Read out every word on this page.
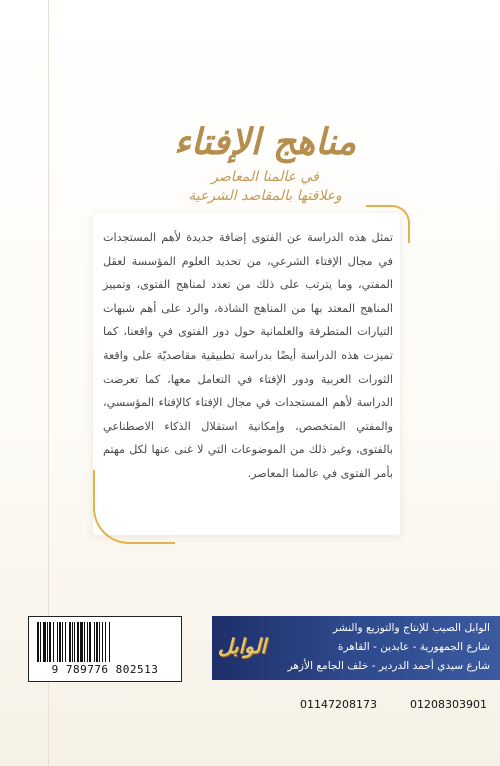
مناهج الإفتاء
في عالمنا المعاصر
وعلاقتها بالمقاصد الشرعية
تمثل هذه الدراسة عن الفتوى إضافة جديدة لأهم المستجدات في مجال الإفتاء الشرعي، من تحديد العلوم المؤسسة لعقل المفتي، وما يترتب على ذلك من تعدد لمناهج الفتوى، وتمييز المناهج المعتد بها من المناهج الشاذة، والرد على أهم شبهات التيارات المتطرفة والعلمانية حول دور الفتوى في واقعنا، كما تميزت هذه الدراسة أيضًا بدراسة تطبيقية مقاصديّة على واقعة الثورات العربية ودور الإفتاء في التعامل معها، كما تعرضت الدراسة لأهم المستجدات في مجال الإفتاء كالإفتاء المؤسسي، والمفتي المتخصص، وإمكانية استقلال الذكاء الاصطناعي بالفتوى، وغير ذلك من الموضوعات التي لا غنى عنها لكل مهتم بأمر الفتوى في عالمنا المعاصر.
9 789776 802513
الوابل
الوابل الصيب للإنتاج والتوزيع والنشر
شارع الجمهورية - عابدين - القاهرة
شارع سيدي أحمد الدردير - خلف الجامع الأزهر
01208303901
01147208173
